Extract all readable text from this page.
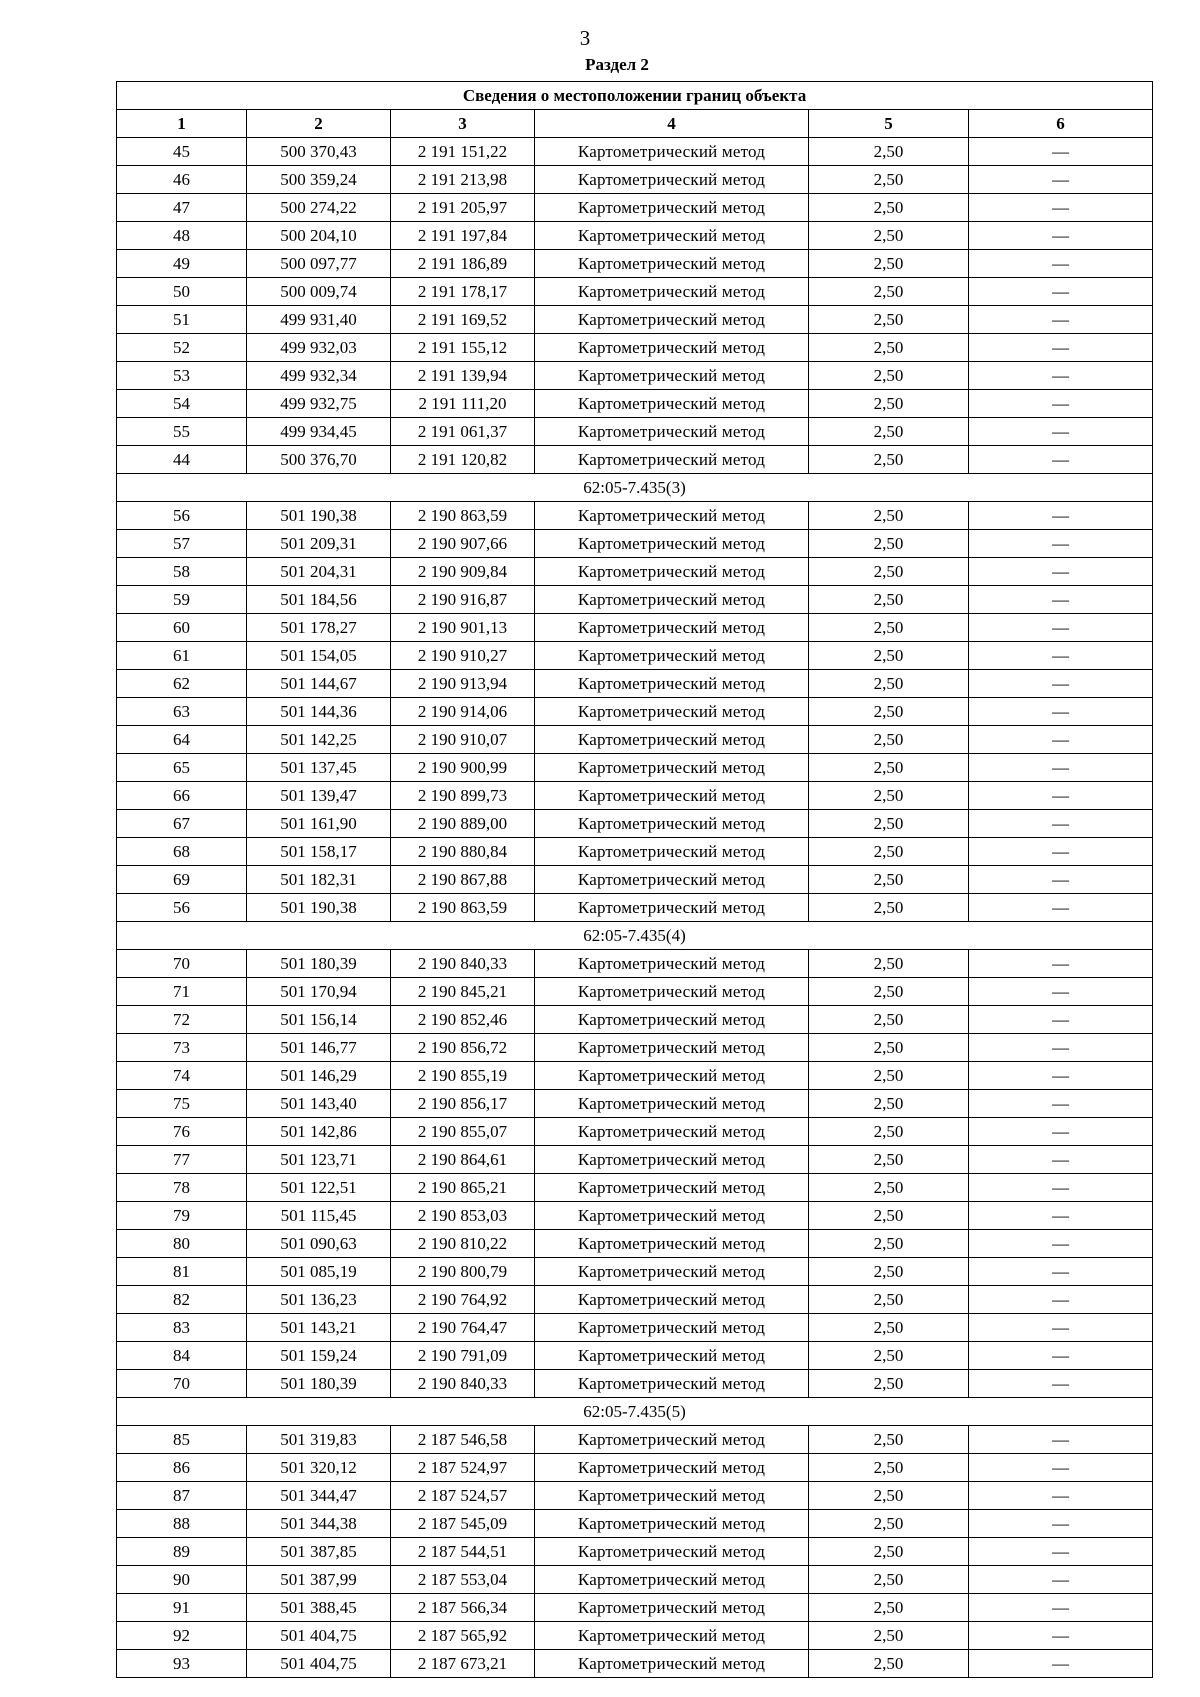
3
Раздел 2
Сведения о местоположении границ объекта					
1	2	3	4	5	6
45	500 370,43	2 191 151,22	Картометрический метод	2,50	—
46	500 359,24	2 191 213,98	Картометрический метод	2,50	—
47	500 274,22	2 191 205,97	Картометрический метод	2,50	—
48	500 204,10	2 191 197,84	Картометрический метод	2,50	—
49	500 097,77	2 191 186,89	Картометрический метод	2,50	—
50	500 009,74	2 191 178,17	Картометрический метод	2,50	—
51	499 931,40	2 191 169,52	Картометрический метод	2,50	—
52	499 932,03	2 191 155,12	Картометрический метод	2,50	—
53	499 932,34	2 191 139,94	Картометрический метод	2,50	—
54	499 932,75	2 191 111,20	Картометрический метод	2,50	—
55	499 934,45	2 191 061,37	Картометрический метод	2,50	—
44	500 376,70	2 191 120,82	Картометрический метод	2,50	—
62:05-7.435(3)					
56	501 190,38	2 190 863,59	Картометрический метод	2,50	—
57	501 209,31	2 190 907,66	Картометрический метод	2,50	—
58	501 204,31	2 190 909,84	Картометрический метод	2,50	—
59	501 184,56	2 190 916,87	Картометрический метод	2,50	—
60	501 178,27	2 190 901,13	Картометрический метод	2,50	—
61	501 154,05	2 190 910,27	Картометрический метод	2,50	—
62	501 144,67	2 190 913,94	Картометрический метод	2,50	—
63	501 144,36	2 190 914,06	Картометрический метод	2,50	—
64	501 142,25	2 190 910,07	Картометрический метод	2,50	—
65	501 137,45	2 190 900,99	Картометрический метод	2,50	—
66	501 139,47	2 190 899,73	Картометрический метод	2,50	—
67	501 161,90	2 190 889,00	Картометрический метод	2,50	—
68	501 158,17	2 190 880,84	Картометрический метод	2,50	—
69	501 182,31	2 190 867,88	Картометрический метод	2,50	—
56	501 190,38	2 190 863,59	Картометрический метод	2,50	—
62:05-7.435(4)					
70	501 180,39	2 190 840,33	Картометрический метод	2,50	—
71	501 170,94	2 190 845,21	Картометрический метод	2,50	—
72	501 156,14	2 190 852,46	Картометрический метод	2,50	—
73	501 146,77	2 190 856,72	Картометрический метод	2,50	—
74	501 146,29	2 190 855,19	Картометрический метод	2,50	—
75	501 143,40	2 190 856,17	Картометрический метод	2,50	—
76	501 142,86	2 190 855,07	Картометрический метод	2,50	—
77	501 123,71	2 190 864,61	Картометрический метод	2,50	—
78	501 122,51	2 190 865,21	Картометрический метод	2,50	—
79	501 115,45	2 190 853,03	Картометрический метод	2,50	—
80	501 090,63	2 190 810,22	Картометрический метод	2,50	—
81	501 085,19	2 190 800,79	Картометрический метод	2,50	—
82	501 136,23	2 190 764,92	Картометрический метод	2,50	—
83	501 143,21	2 190 764,47	Картометрический метод	2,50	—
84	501 159,24	2 190 791,09	Картометрический метод	2,50	—
70	501 180,39	2 190 840,33	Картометрический метод	2,50	—
62:05-7.435(5)					
85	501 319,83	2 187 546,58	Картометрический метод	2,50	—
86	501 320,12	2 187 524,97	Картометрический метод	2,50	—
87	501 344,47	2 187 524,57	Картометрический метод	2,50	—
88	501 344,38	2 187 545,09	Картометрический метод	2,50	—
89	501 387,85	2 187 544,51	Картометрический метод	2,50	—
90	501 387,99	2 187 553,04	Картометрический метод	2,50	—
91	501 388,45	2 187 566,34	Картометрический метод	2,50	—
92	501 404,75	2 187 565,92	Картометрический метод	2,50	—
93	501 404,75	2 187 673,21	Картометрический метод	2,50	—
